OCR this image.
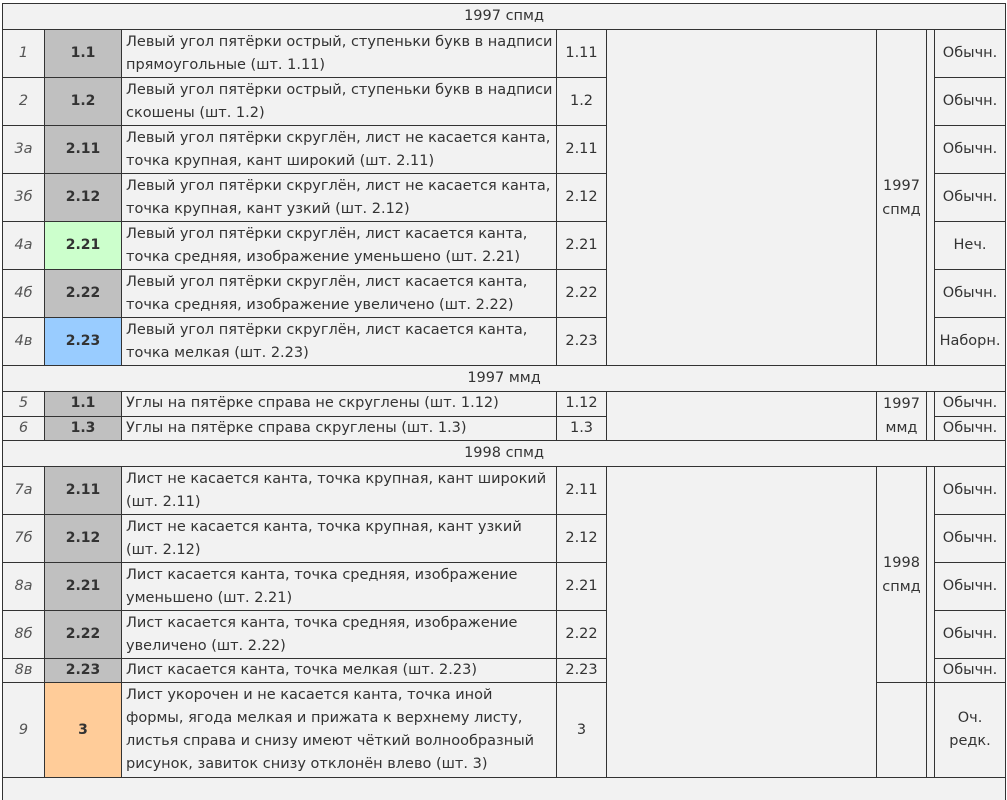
1997 спмд							
1	1.1	Левый угол пятёрки острый, ступеньки букв в надписи прямоугольные (шт. 1.11)	1.11		1997 спмд		Обычн.
2	1.2	Левый угол пятёрки острый, ступеньки букв в надписи скошены (шт. 1.2)	1.2				Обычн.
3а	2.11	Левый угол пятёрки скруглён, лист не касается канта, точка крупная, кант широкий (шт. 2.11)	2.11				Обычн.
3б	2.12	Левый угол пятёрки скруглён, лист не касается канта, точка крупная, кант узкий (шт. 2.12)	2.12				Обычн.
4а	2.21	Левый угол пятёрки скруглён, лист касается канта, точка средняя, изображение уменьшено (шт. 2.21)	2.21				Неч.
4б	2.22	Левый угол пятёрки скруглён, лист касается канта, точка средняя, изображение увеличено (шт. 2.22)	2.22				Обычн.
4в	2.23	Левый угол пятёрки скруглён, лист касается канта, точка мелкая (шт. 2.23)	2.23				Наборн.
1997 ммд							
5	1.1	Углы на пятёрке справа не скруглены (шт. 1.12)	1.12		1997 ммд		Обычн.
6	1.3	Углы на пятёрке справа скруглены (шт. 1.3)	1.3				Обычн.
1998 спмд							
7а	2.11	Лист не касается канта, точка крупная, кант широкий (шт. 2.11)	2.11		1998 спмд		Обычн.
7б	2.12	Лист не касается канта, точка крупная, кант узкий (шт. 2.12)	2.12				Обычн.
8а	2.21	Лист касается канта, точка средняя, изображение уменьшено (шт. 2.21)	2.21				Обычн.
8б	2.22	Лист касается канта, точка средняя, изображение увеличено (шт. 2.22)	2.22				Обычн.
8в	2.23	Лист касается канта, точка мелкая (шт. 2.23)	2.23				Обычн.
9	3	Лист укорочен и не касается канта, точка иной формы, ягода мелкая и прижата к верхнему листу, листья справа и снизу имеют чёткий волнообразный рисунок, завиток снизу отклонён влево (шт. 3)	3				Оч. редк.
